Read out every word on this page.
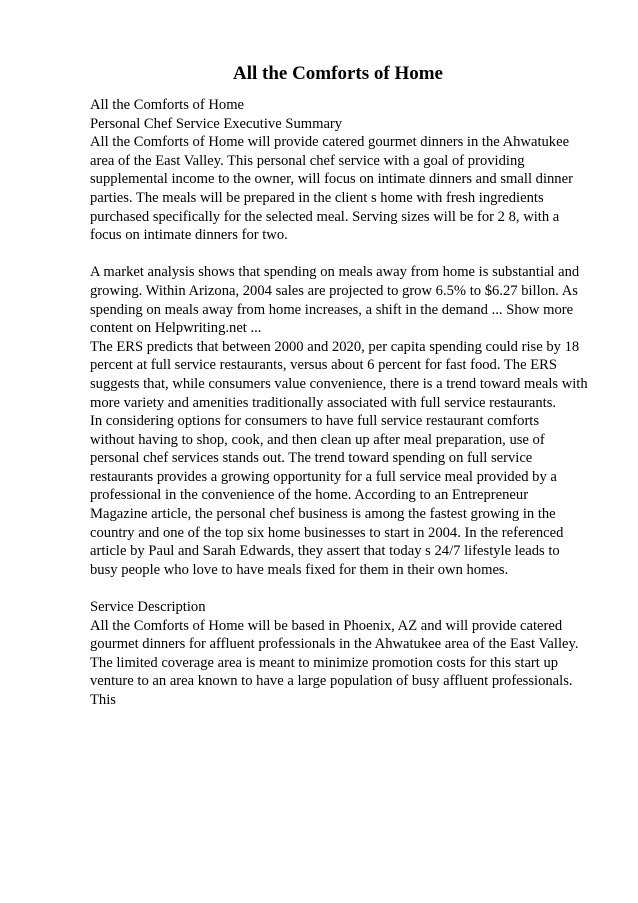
All the Comforts of Home
All the Comforts of Home
Personal Chef Service Executive Summary
All the Comforts of Home will provide catered gourmet dinners in the Ahwatukee
area of the East Valley. This personal chef service with a goal of providing
supplemental income to the owner, will focus on intimate dinners and small dinner
parties. The meals will be prepared in the client s home with fresh ingredients
purchased specifically for the selected meal. Serving sizes will be for 2 8, with a
focus on intimate dinners for two.
A market analysis shows that spending on meals away from home is substantial and
growing. Within Arizona, 2004 sales are projected to grow 6.5% to $6.27 billon. As
spending on meals away from home increases, a shift in the demand ... Show more
content on Helpwriting.net ...
The ERS predicts that between 2000 and 2020, per capita spending could rise by 18
percent at full service restaurants, versus about 6 percent for fast food. The ERS
suggests that, while consumers value convenience, there is a trend toward meals with
more variety and amenities traditionally associated with full service restaurants.
In considering options for consumers to have full service restaurant comforts
without having to shop, cook, and then clean up after meal preparation, use of
personal chef services stands out. The trend toward spending on full service
restaurants provides a growing opportunity for a full service meal provided by a
professional in the convenience of the home. According to an Entrepreneur
Magazine article, the personal chef business is among the fastest growing in the
country and one of the top six home businesses to start in 2004. In the referenced
article by Paul and Sarah Edwards, they assert that today s 24/7 lifestyle leads to
busy people who love to have meals fixed for them in their own homes.
Service Description
All the Comforts of Home will be based in Phoenix, AZ and will provide catered
gourmet dinners for affluent professionals in the Ahwatukee area of the East Valley.
The limited coverage area is meant to minimize promotion costs for this start up
venture to an area known to have a large population of busy affluent professionals.
This
